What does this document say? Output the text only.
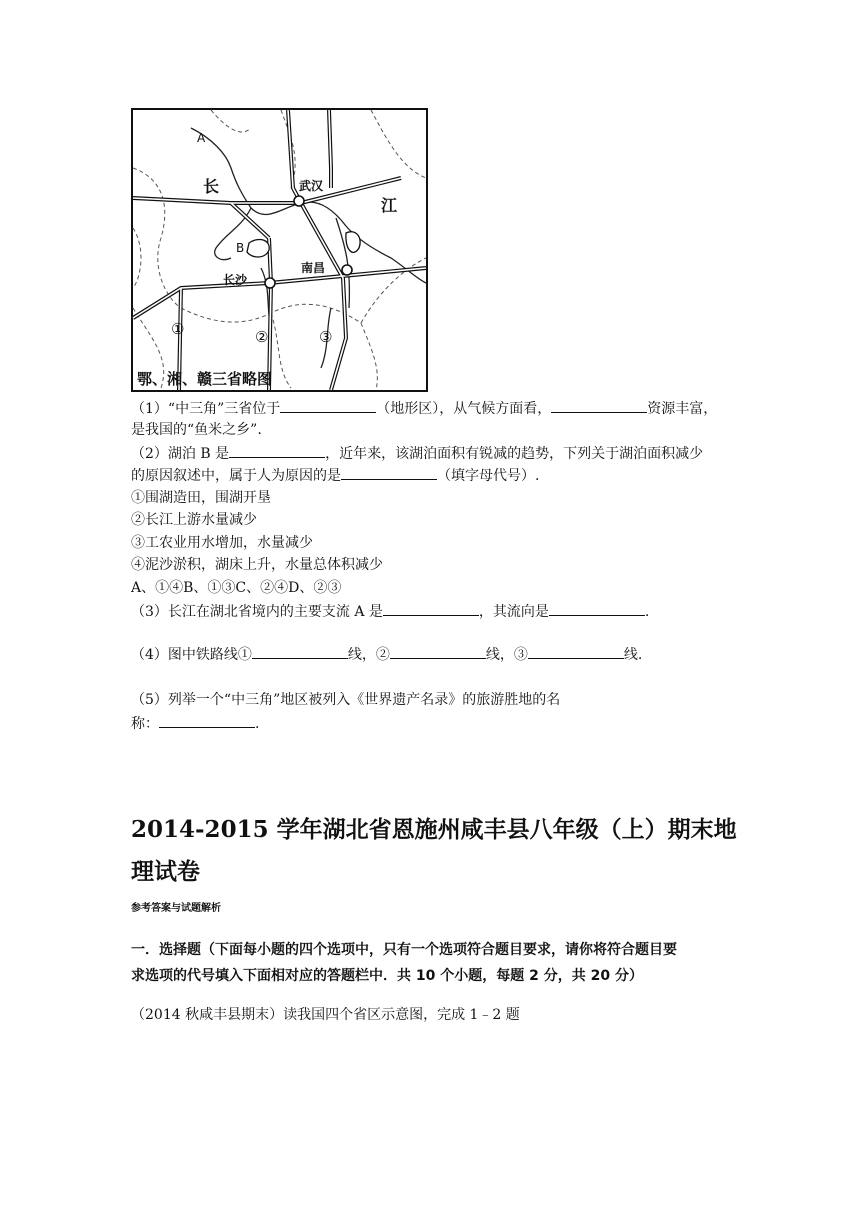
A
B
长
江
武汉
长沙
南昌
①	②	③
鄂、湘、赣三省略图
（1）“中三角”三省位于	（地形区），从气候方面看，	资源丰富，
是我国的“鱼米之乡”.
（2）湖泊 B 是	，近年来，该湖泊面积有锐减的趋势，下列关于湖泊面积减少
的原因叙述中，属于人为原因的是	（填字母代号）.
①围湖造田，围湖开垦
②长江上游水量减少
③工农业用水增加，水量减少
④泥沙淤积，湖床上升，水量总体积减少
A、①④B、①③C、②④D、②③
（3）长江在湖北省境内的主要支流 A 是	，其流向是	.
（4）图中铁路线①	线，②	线，③	线.
（5）列举一个“中三角”地区被列入《世界遗产名录》的旅游胜地的名
称：	.
2014-2015 学年湖北省恩施州咸丰县八年级（上）期末地
理试卷
参考答案与试题解析
一．选择题（下面每小题的四个选项中，只有一个选项符合题目要求，请你将符合题目要
求选项的代号填入下面相对应的答题栏中．共 10 个小题，每题 2 分，共 20 分）
（2014 秋咸丰县期末）读我国四个省区示意图，完成 1﹣2 题
